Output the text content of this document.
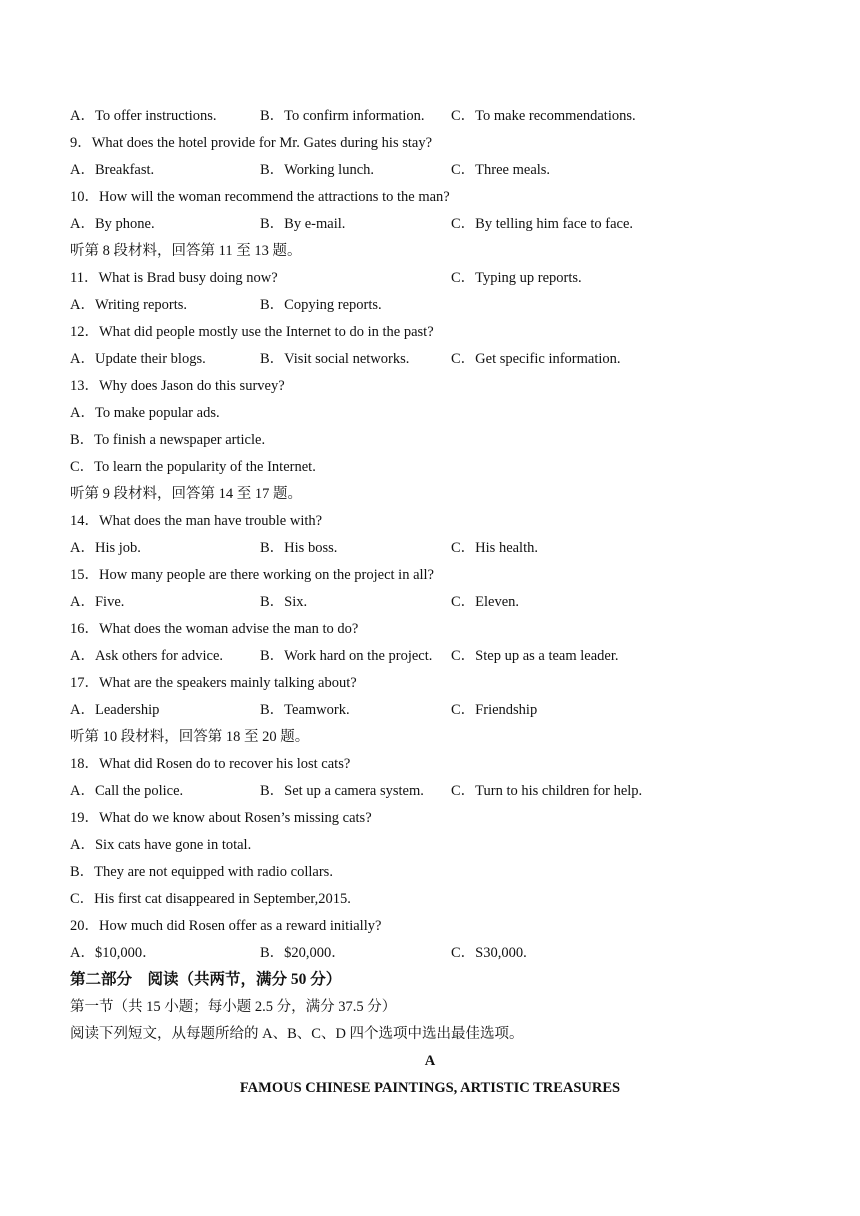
A．To offer instructions.	B．To confirm information. C．To make recommendations.
9．What does the hotel provide for Mr. Gates during his stay?
A．Breakfast.	B．Working lunch.	C．Three meals.
10．How will the woman recommend the attractions to the man?
A．By phone.	B．By e-mail.	C．By telling him face to face.
听第 8 段材料，回答第 11 至 13 题。
11．What is Brad busy doing now?	C．Typing up reports.
A．Writing reports.	B．Copying reports.
12．What did people mostly use the Internet to do in the past?
A．Update their blogs.	B．Visit social networks.	C．Get specific information.
13．Why does Jason do this survey?
A．To make popular ads.
B．To finish a newspaper article.
C．To learn the popularity of the Internet.
听第 9 段材料，回答第 14 至 17 题。
14．What does the man have trouble with?
A．His job.	B．His boss.	C．His health.
15．How many people are there working on the project in all?
A．Five.	B．Six.	C．Eleven.
16．What does the woman advise the man to do?
A．Ask others for advice.	B．Work hard on the project. C．Step up as a team leader.
17．What are the speakers mainly talking about?
A．Leadership	B．Teamwork.	C．Friendship
听第 10 段材料，回答第 18 至 20 题。
18．What did Rosen do to recover his lost cats?
A．Call the police.	B．Set up a camera system. C．Turn to his children for help.
19．What do we know about Rosen’s missing cats?
A．Six cats have gone in total.
B．They are not equipped with radio collars.
C．His first cat disappeared in September,2015.
20．How much did Rosen offer as a reward initially?
A．$10,000．	B．$20,000．	C．S30,000.
第二部分　阅读（共两节，满分 50 分）
第一节（共 15 小题；每小题 2.5 分，满分 37.5 分）
阅读下列短文，从每题所给的 A、B、C、D 四个选项中选出最佳选项。
A
FAMOUS CHINESE PAINTINGS, ARTISTIC TREASURES
